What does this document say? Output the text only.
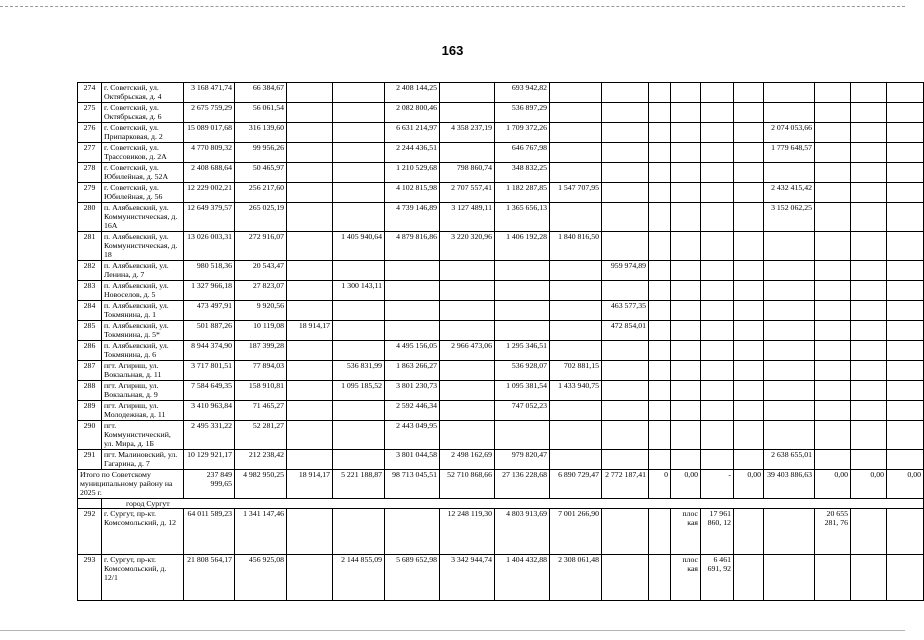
163
274	г. Советский, ул. Октябрьская, д. 4	3 168 471,74	66 384,67			2 408 144,25		693 942,82										
275	г. Советский, ул. Октябрьская, д. 6	2 675 759,29	56 061,54			2 082 800,46		536 897,29										
276	г. Советский, ул. Припарковая, д. 2	15 089 017,68	316 139,60			6 631 214,97	4 358 237,19	1 709 372,26							2 074 053,66			
277	г. Советский, ул. Трассовиков, д. 2А	4 770 809,32	99 956,26			2 244 436,51		646 767,98							1 779 648,57			
278	г. Советский, ул. Юбилейная, д. 52А	2 408 688,64	50 465,97			1 210 529,68	798 860,74	348 832,25										
279	г. Советский, ул. Юбилейная, д. 56	12 229 002,21	256 217,60			4 102 815,98	2 707 557,41	1 182 287,85	1 547 707,95						2 432 415,42			
280	п. Алябьевский, ул. Коммунистическая, д. 16А	12 649 379,57	265 025,19			4 739 146,89	3 127 489,11	1 365 656,13							3 152 062,25			
281	п. Алябьевский, ул. Коммунистическая, д. 18	13 026 003,31	272 916,07		1 405 940,64	4 879 816,86	3 220 320,96	1 406 192,28	1 840 816,50									
282	п. Алябьевский, ул. Ленина, д. 7	980 518,36	20 543,47							959 974,89								
283	п. Алябьевский, ул. Новоселов, д. 5	1 327 966,18	27 823,07		1 300 143,11													
284	п. Алябьевский, ул. Токмянина, д. 1	473 497,91	9 920,56							463 577,35								
285	п. Алябьевский, ул. Токмянина, д. 5*	501 887,26	10 119,08	18 914,17						472 854,01								
286	п. Алябьевский, ул. Токмянина, д. 6	8 944 374,90	187 399,28			4 495 156,05	2 966 473,06	1 295 346,51										
287	пгт. Агириш, ул. Вокзальная, д. 11	3 717 801,51	77 894,03		536 831,99	1 863 266,27		536 928,07	702 881,15									
288	пгт. Агириш, ул. Вокзальная, д. 9	7 584 649,35	158 910,81		1 095 185,52	3 801 230,73		1 095 381,54	1 433 940,75									
289	пгт. Агириш, ул. Молодежная, д. 11	3 410 963,84	71 465,27			2 592 446,34		747 052,23										
290	пгт. Коммунистический, ул. Мира, д. 1Б	2 495 331,22	52 281,27			2 443 049,95												
291	пгт. Малиновский, ул. Гагарина, д. 7	10 129 921,17	212 238,42			3 801 044,58	2 498 162,69	979 820,47							2 638 655,01			
Итого по Советскому муниципальному району на 2025 г.		237 849 999,65	4 982 950,25	18 914,17	5 221 188,87	98 713 045,51	52 710 868,66	27 136 228,68	6 890 729,47	2 772 187,41	0	0,00	-	0,00	39 403 886,63	0,00	0,00	0,00
	город Сургут																	
292	г. Сургут, пр-кт. Комсомольский, д. 12	64 011 589,23	1 341 147,46				12 248 119,30	4 803 913,69	7 001 266,90			плос кая	17 961 860, 12			20 655 281, 76		
293	г. Сургут, пр-кт. Комсомольский, д. 12/1	21 808 564,17	456 925,08		2 144 855,09	5 689 652,98	3 342 944,74	1 404 432,88	2 308 061,48			плос кая	6 461 691, 92					
